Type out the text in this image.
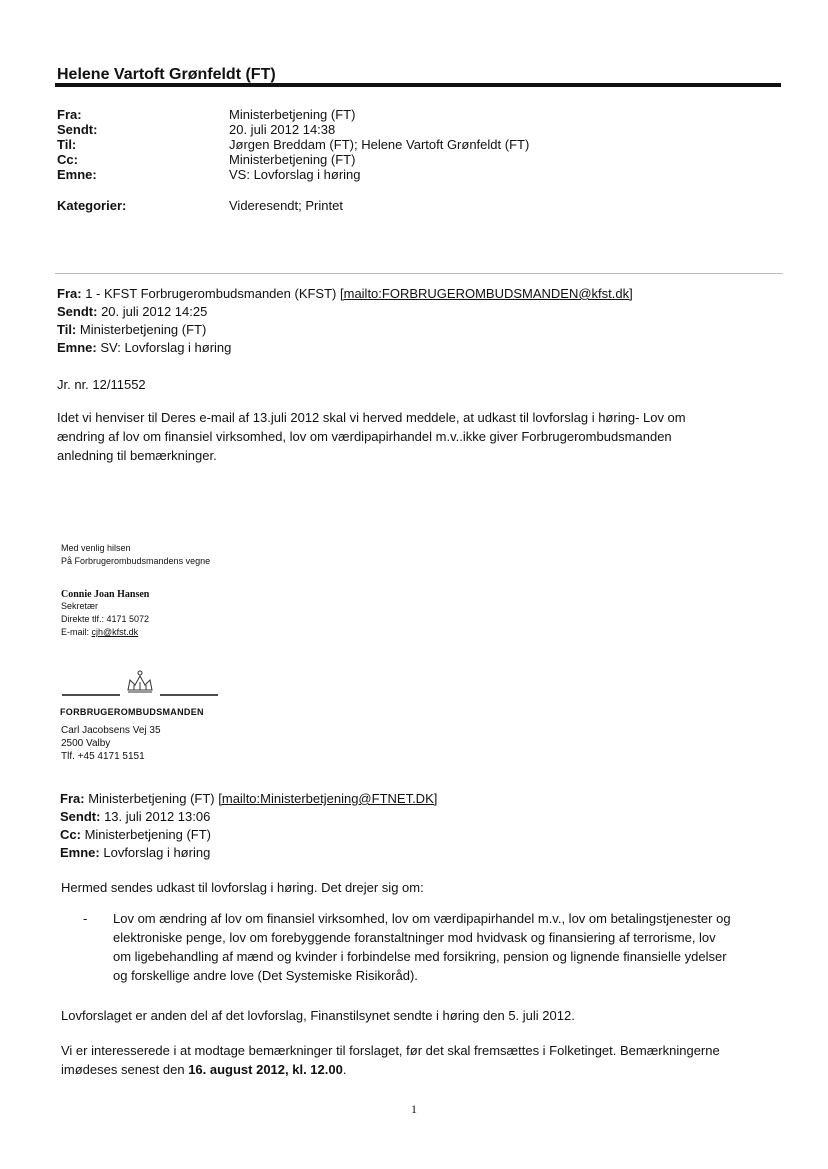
Helene Vartoft Grønfeldt (FT)
Fra:	Ministerbetjening (FT)
Sendt:	20. juli 2012 14:38
Til:	Jørgen Breddam (FT); Helene Vartoft Grønfeldt (FT)
Cc:	Ministerbetjening (FT)
Emne:	VS: Lovforslag i høring
Kategorier:	Videresendt; Printet
Fra: 1 - KFST Forbrugerombudsmanden (KFST) [mailto:FORBRUGEROMBUDSMANDEN@kfst.dk]
Sendt: 20. juli 2012 14:25
Til: Ministerbetjening (FT)
Emne: SV: Lovforslag i høring
Jr. nr. 12/11552
Idet vi henviser til Deres e-mail af 13.juli 2012 skal vi herved meddele, at udkast til lovforslag i høring- Lov om
ændring af lov om finansiel virksomhed, lov om værdipapirhandel m.v..ikke giver Forbrugerombudsmanden
anledning til bemærkninger.
Med venlig hilsen
På Forbrugerombudsmandens vegne
Connie Joan Hansen
Sekretær
Direkte tlf.: 4171 5072
E-mail: cjh@kfst.dk
FORBRUGEROMBUDSMANDEN
Carl Jacobsens Vej 35
2500 Valby
Tlf. +45 4171 5151
Fra: Ministerbetjening (FT) [mailto:Ministerbetjening@FTNET.DK]
Sendt: 13. juli 2012 13:06
Cc: Ministerbetjening (FT)
Emne: Lovforslag i høring
Hermed sendes udkast til lovforslag i høring. Det drejer sig om:
-	Lov om ændring af lov om finansiel virksomhed, lov om værdipapirhandel m.v., lov om betalingstjenester og
elektroniske penge, lov om forebyggende foranstaltninger mod hvidvask og finansiering af terrorisme, lov
om ligebehandling af mænd og kvinder i forbindelse med forsikring, pension og lignende finansielle ydelser
og forskellige andre love (Det Systemiske Risikoråd).
Lovforslaget er anden del af det lovforslag, Finanstilsynet sendte i høring den 5. juli 2012.
Vi er interesserede i at modtage bemærkninger til forslaget, før det skal fremsættes i Folketinget. Bemærkningerne
imødeses senest den 16. august 2012, kl. 12.00.
1
